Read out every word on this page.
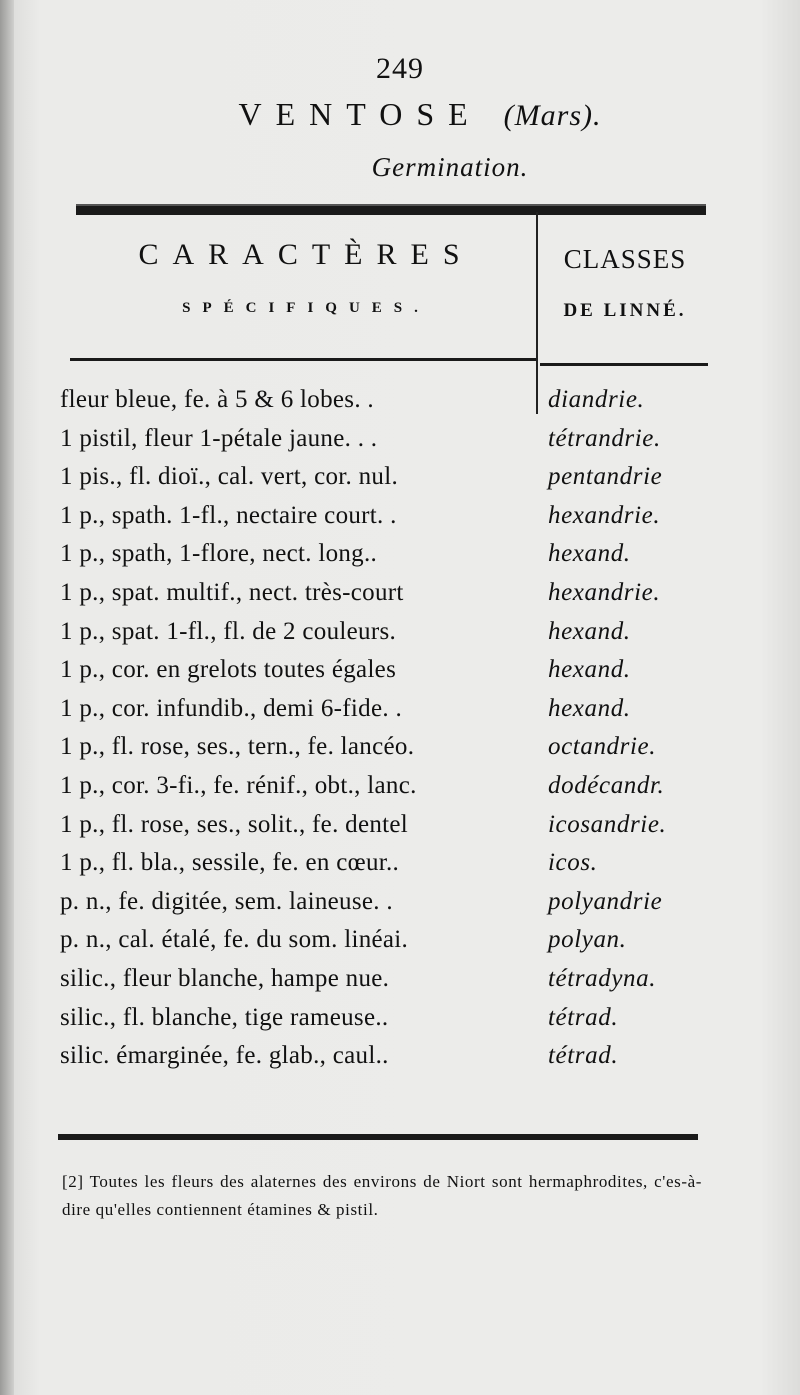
249
VENTOSE (Mars).
Germination.
CARACTÈRES
SPÉCIFIQUES.
CLASSES
DE LINNÉ.
fleur bleue, fe. à 5 & 6 lobes. .	diandrie.
1 pistil, fleur 1-pétale jaune. . .	tétrandrie.
1 pis., fl. dioï., cal. vert, cor. nul.	pentandrie
1 p., spath. 1-fl., nectaire court. .	hexandrie.
1 p., spath, 1-flore, nect. long..	hexand.
1 p., spat. multif., nect. très-court	hexandrie.
1 p., spat. 1-fl., fl. de 2 couleurs.	hexand.
1 p., cor. en grelots toutes égales	hexand.
1 p., cor. infundib., demi 6-fide. .	hexand.
1 p., fl. rose, ses., tern., fe. lancéo.	octandrie.
1 p., cor. 3-fi., fe. rénif., obt., lanc.	dodécandr.
1 p., fl. rose, ses., solit., fe. dentel	icosandrie.
1 p., fl. bla., sessile, fe. en cœur..	icos.
p. n., fe. digitée, sem. laineuse. .	polyandrie
p. n., cal. étalé, fe. du som. linéai.	polyan.
silic., fleur blanche, hampe nue.	tétradyna.
silic., fl. blanche, tige rameuse..	tétrad.
silic. émarginée, fe. glab., caul..	tétrad.
[2] Toutes les fleurs des alaternes des environs de Niort sont hermaphrodites, c'es-à-dire qu'elles contiennent étamines & pistil.
